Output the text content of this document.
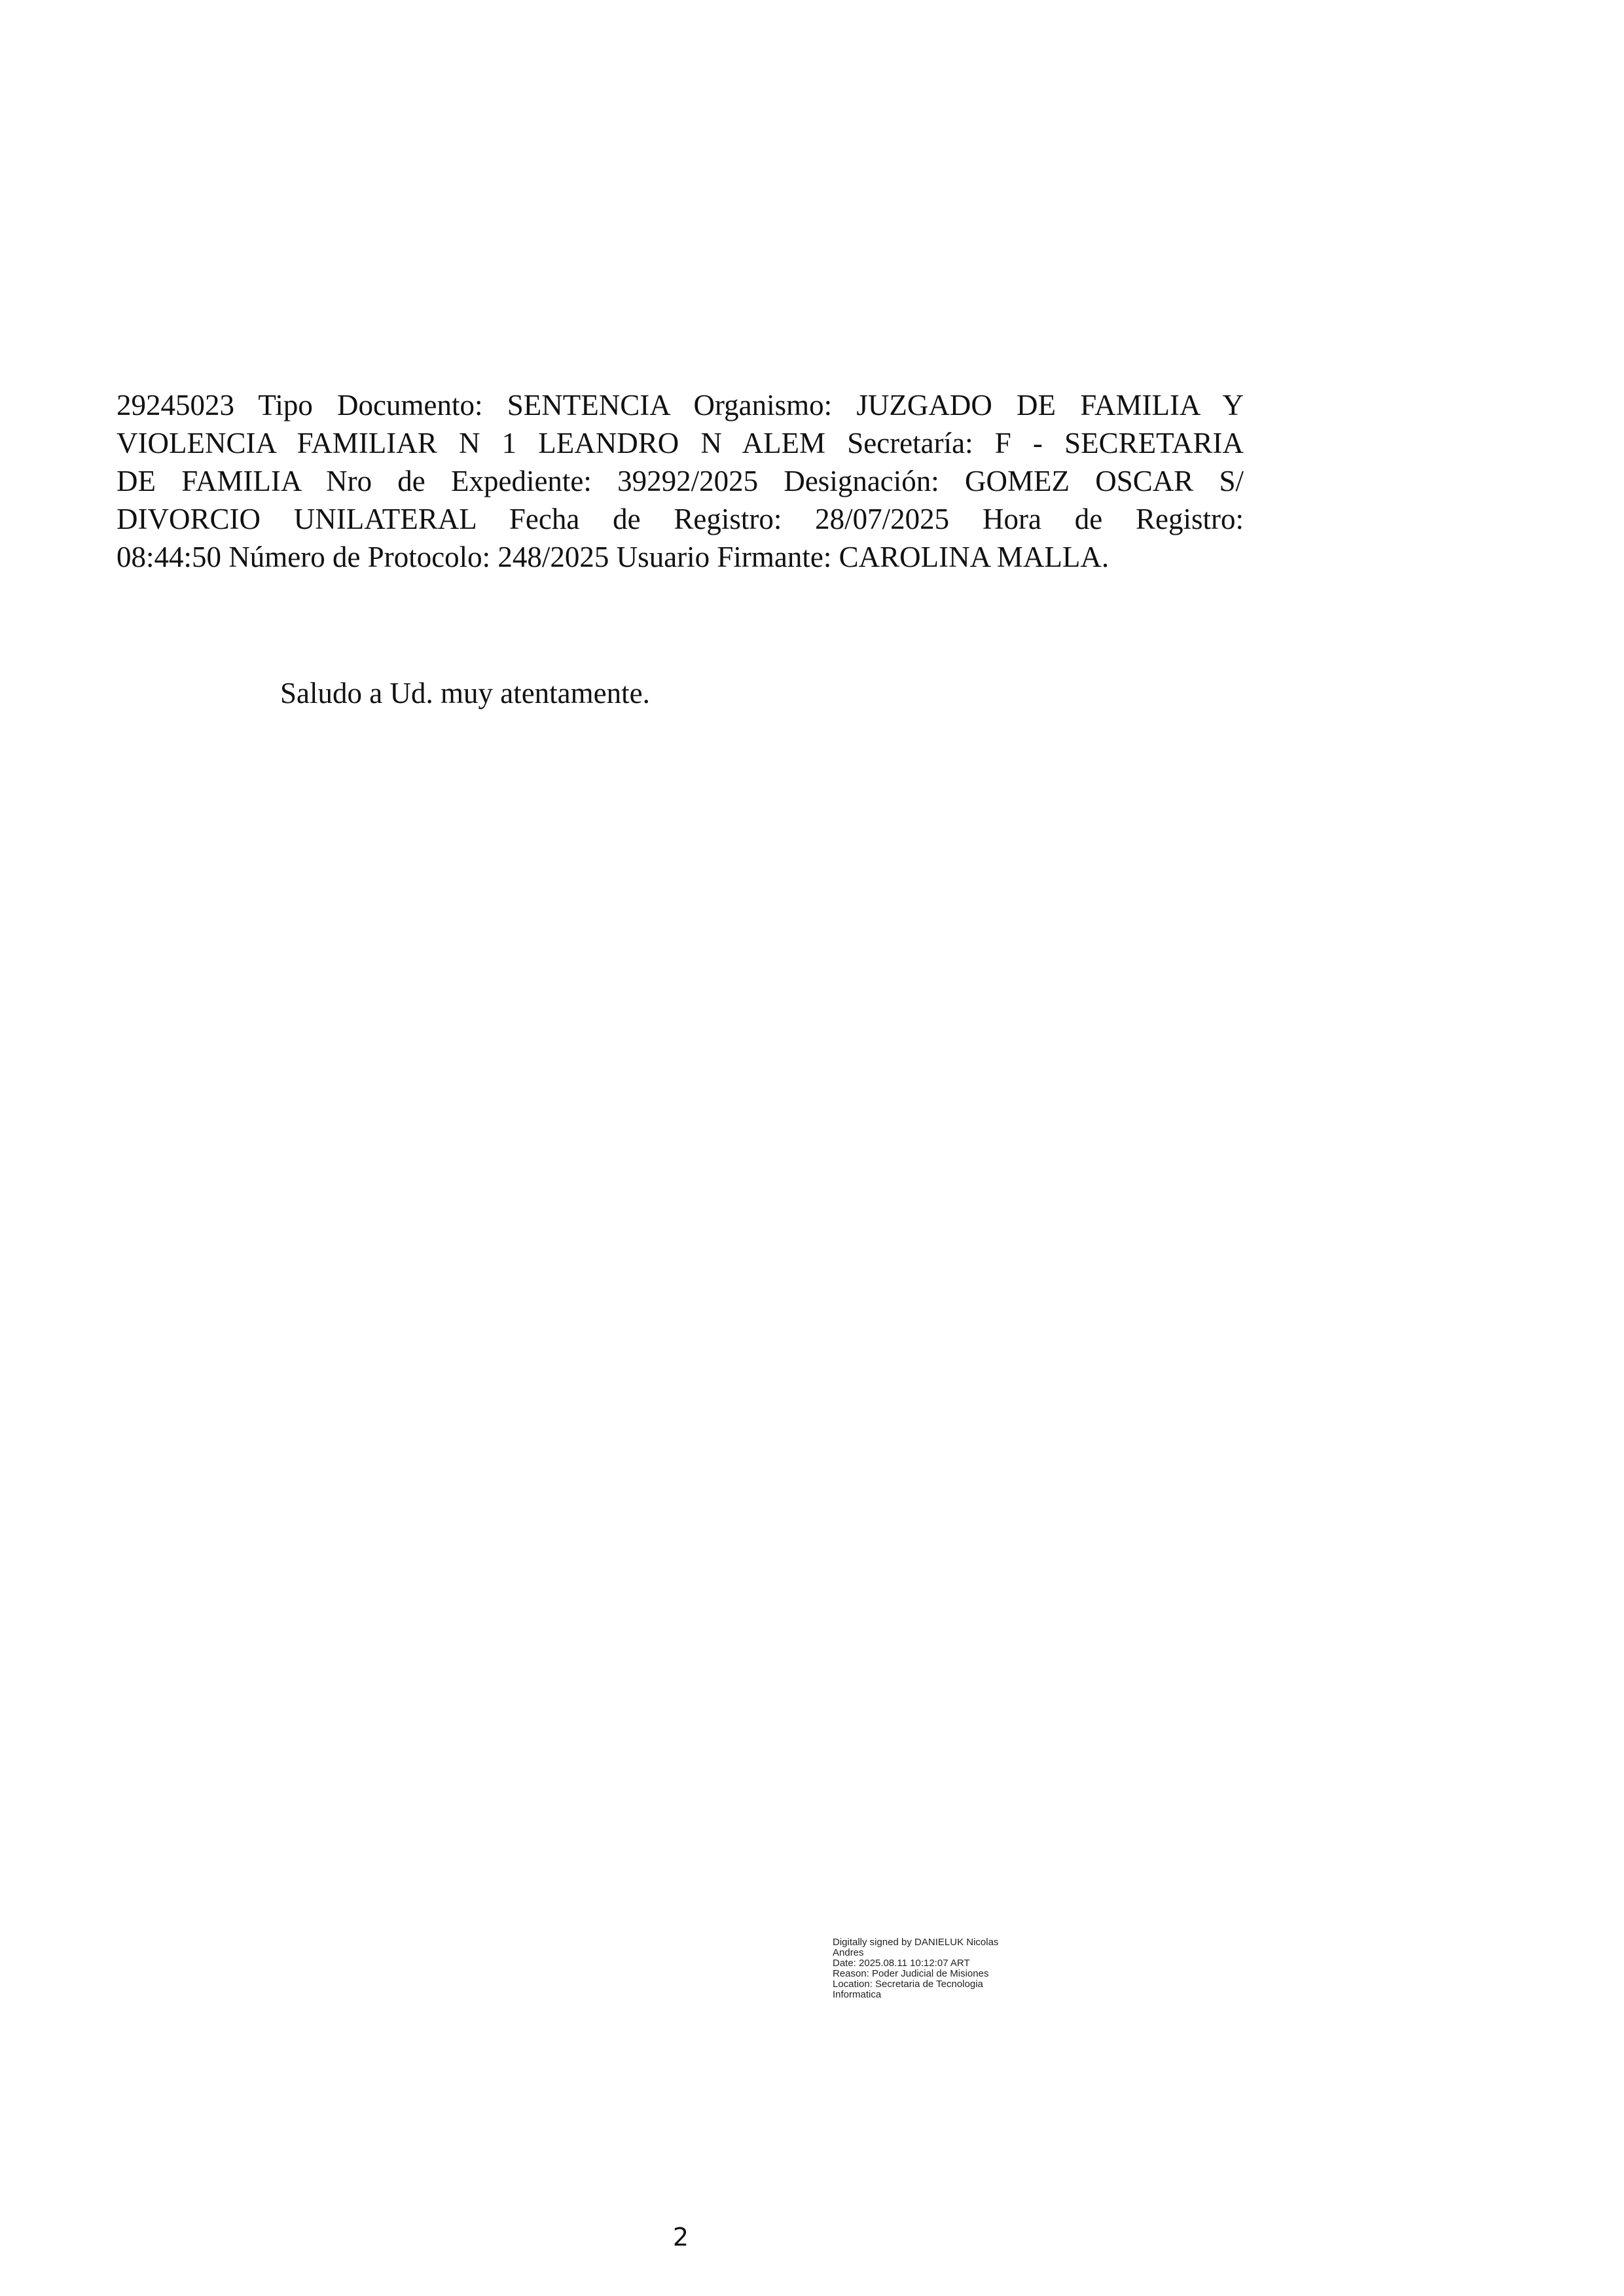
29245023 Tipo Documento: SENTENCIA Organismo: JUZGADO DE FAMILIA Y
VIOLENCIA FAMILIAR N 1 LEANDRO N ALEM Secretaría: F - SECRETARIA
DE FAMILIA Nro de Expediente: 39292/2025 Designación: GOMEZ OSCAR S/
DIVORCIO UNILATERAL Fecha de Registro: 28/07/2025 Hora de Registro:
08:44:50 Número de Protocolo: 248/2025 Usuario Firmante: CAROLINA MALLA.

Saludo a Ud. muy atentamente.

Digitally signed by DANIELUK Nicolas
Andres
Date: 2025.08.11 10:12:07 ART
Reason: Poder Judicial de Misiones
Location: Secretaria de Tecnologia
Informatica
2
